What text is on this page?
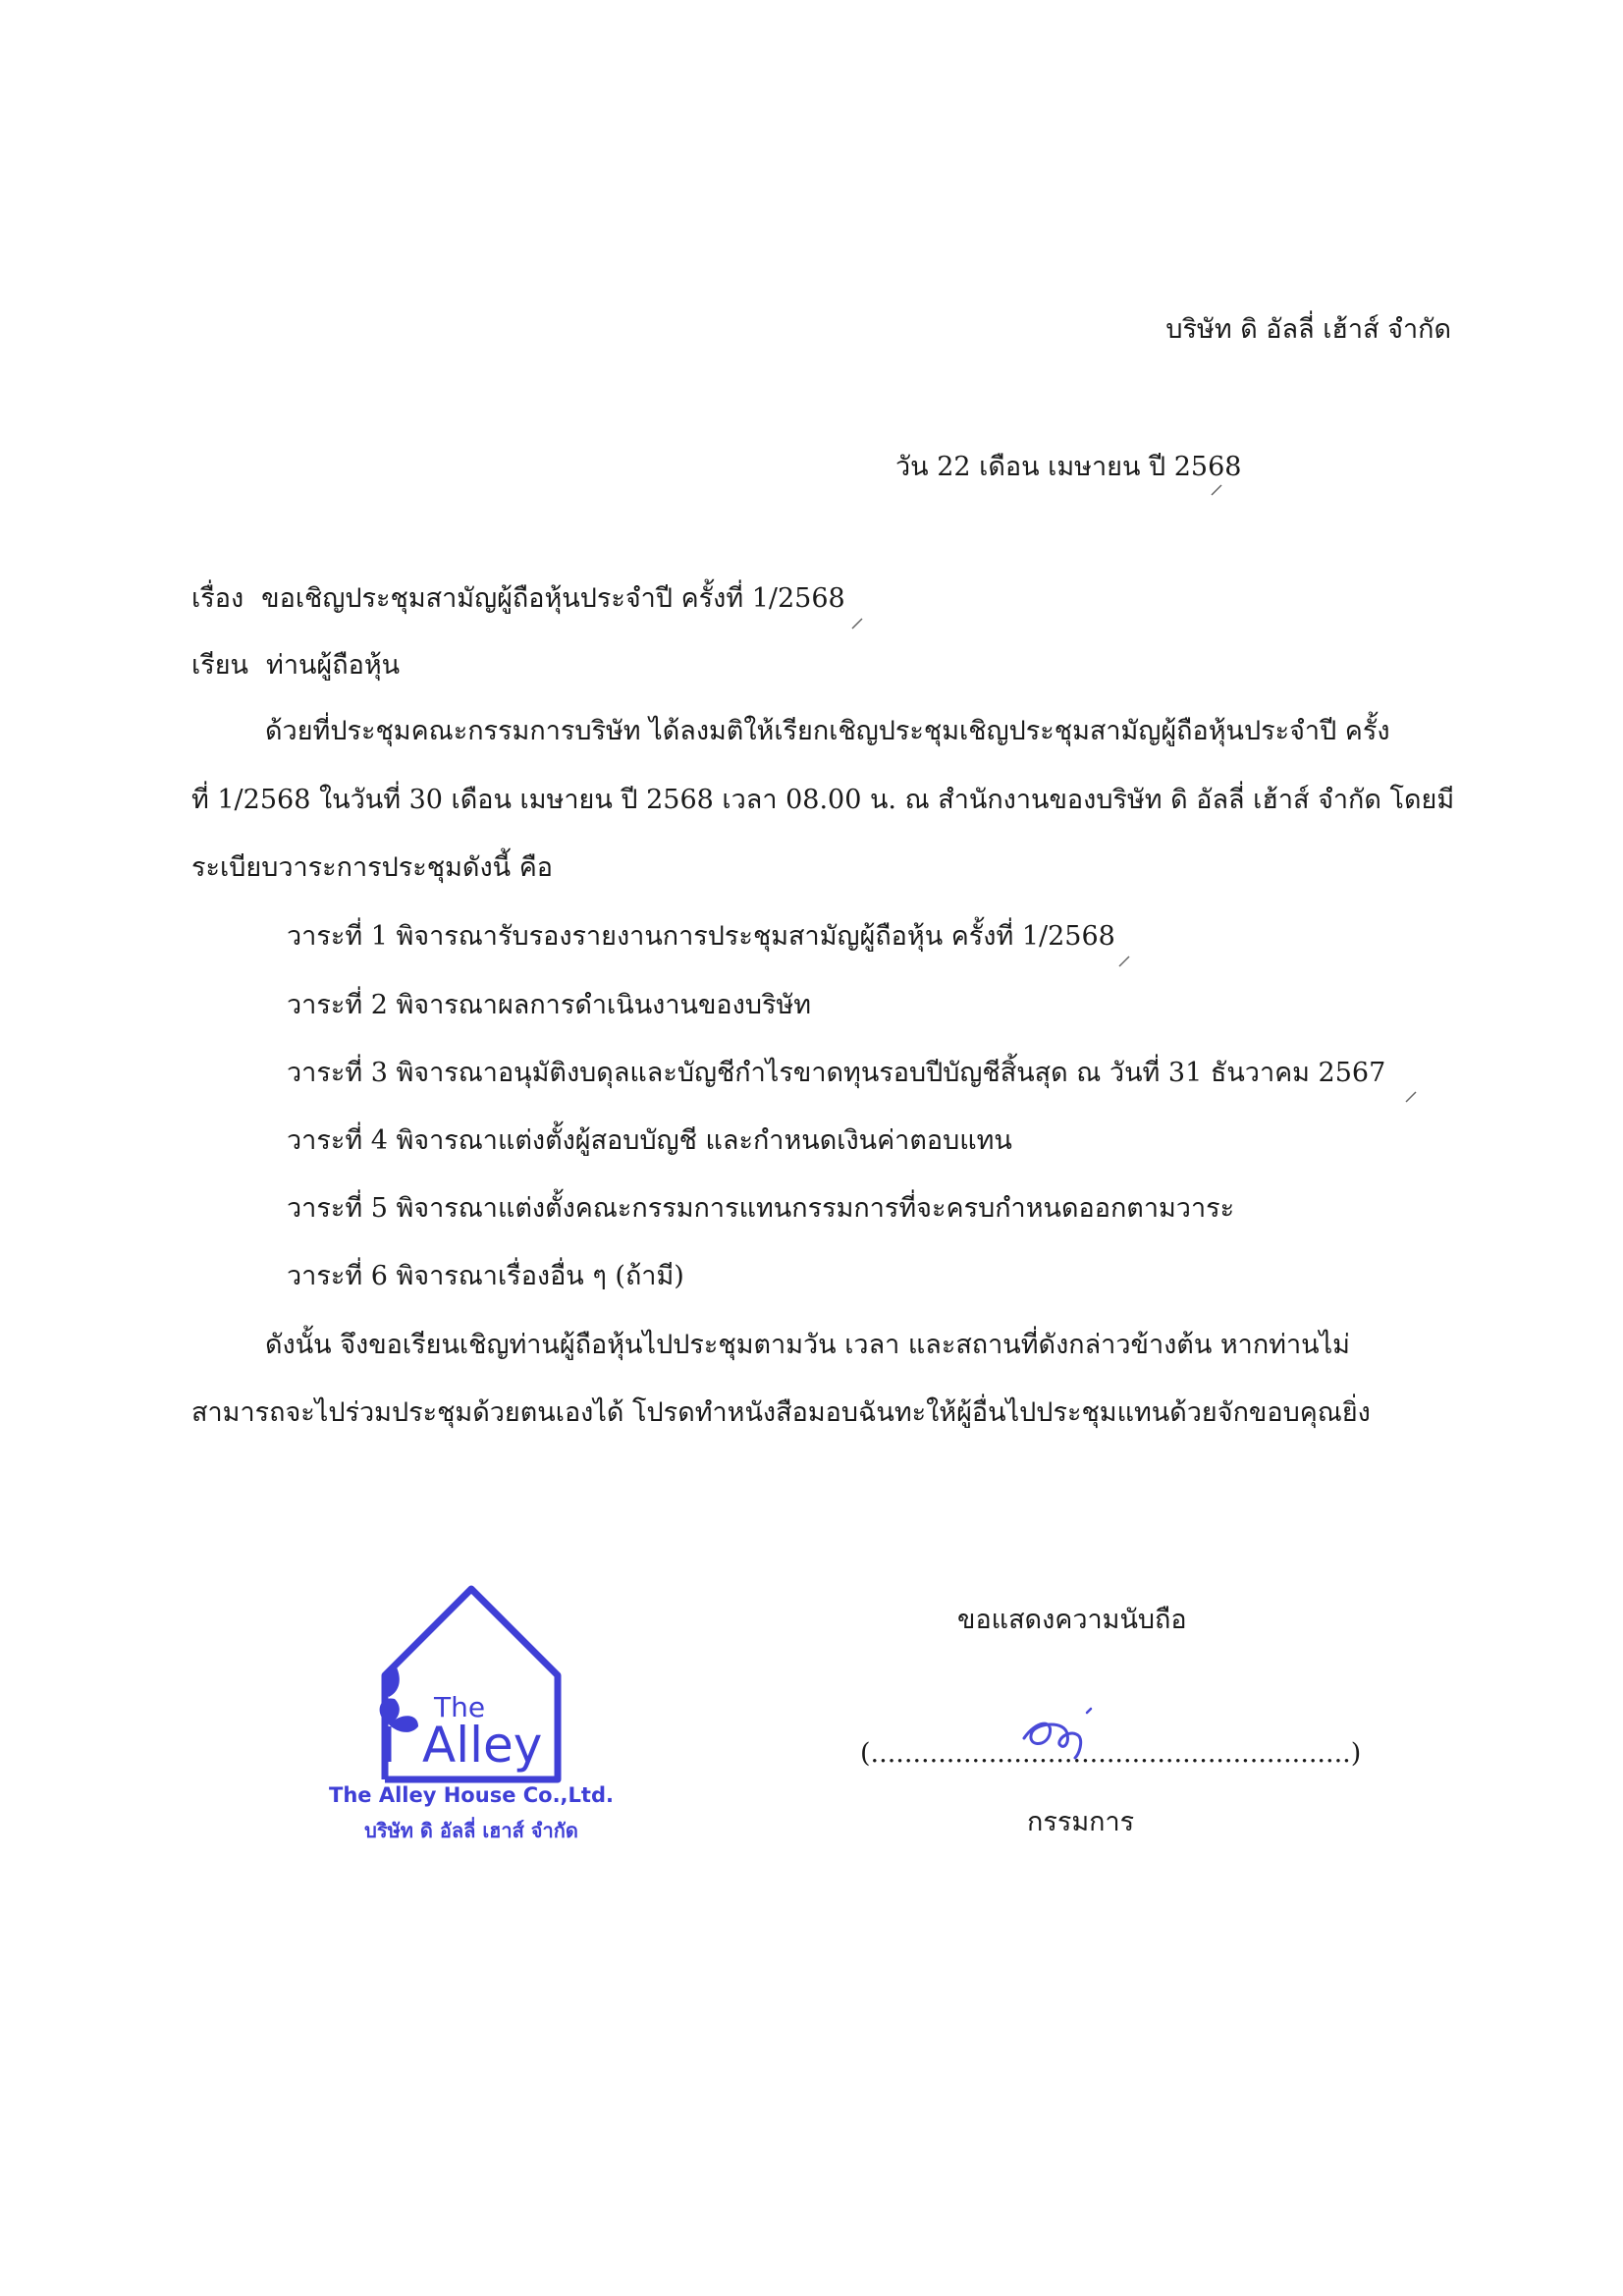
บริษัท ดิ อัลลี่ เฮ้าส์ จำกัด
วัน 22 เดือน เมษายน ปี 2568
เรื่อง ขอเชิญประชุมสามัญผู้ถือหุ้นประจำปี ครั้งที่ 1/2568
เรียน ท่านผู้ถือหุ้น
ด้วยที่ประชุมคณะกรรมการบริษัท ได้ลงมติให้เรียกเชิญประชุมเชิญประชุมสามัญผู้ถือหุ้นประจำปี ครั้ง
ที่ 1/2568 ในวันที่ 30 เดือน เมษายน ปี 2568 เวลา 08.00 น. ณ สำนักงานของบริษัท ดิ อัลลี่ เฮ้าส์ จำกัด โดยมี
ระเบียบวาระการประชุมดังนี้ คือ
วาระที่ 1 พิจารณารับรองรายงานการประชุมสามัญผู้ถือหุ้น ครั้งที่ 1/2568
วาระที่ 2 พิจารณาผลการดำเนินงานของบริษัท
วาระที่ 3 พิจารณาอนุมัติงบดุลและบัญชีกำไรขาดทุนรอบปีบัญชีสิ้นสุด ณ วันที่ 31 ธันวาคม 2567
วาระที่ 4 พิจารณาแต่งตั้งผู้สอบบัญชี และกำหนดเงินค่าตอบแทน
วาระที่ 5 พิจารณาแต่งตั้งคณะกรรมการแทนกรรมการที่จะครบกำหนดออกตามวาระ
วาระที่ 6 พิจารณาเรื่องอื่น ๆ (ถ้ามี)
ดังนั้น จึงขอเรียนเชิญท่านผู้ถือหุ้นไปประชุมตามวัน เวลา และสถานที่ดังกล่าวข้างต้น หากท่านไม่
สามารถจะไปร่วมประชุมด้วยตนเองได้ โปรดทำหนังสือมอบฉันทะให้ผู้อื่นไปประชุมแทนด้วยจักขอบคุณยิ่ง
ขอแสดงความนับถือ
(.........................................................)
กรรมการ
The
Alley
The Alley House Co.,Ltd.
บริษัท ดิ อัลลี่ เฮาส์ จำกัด
